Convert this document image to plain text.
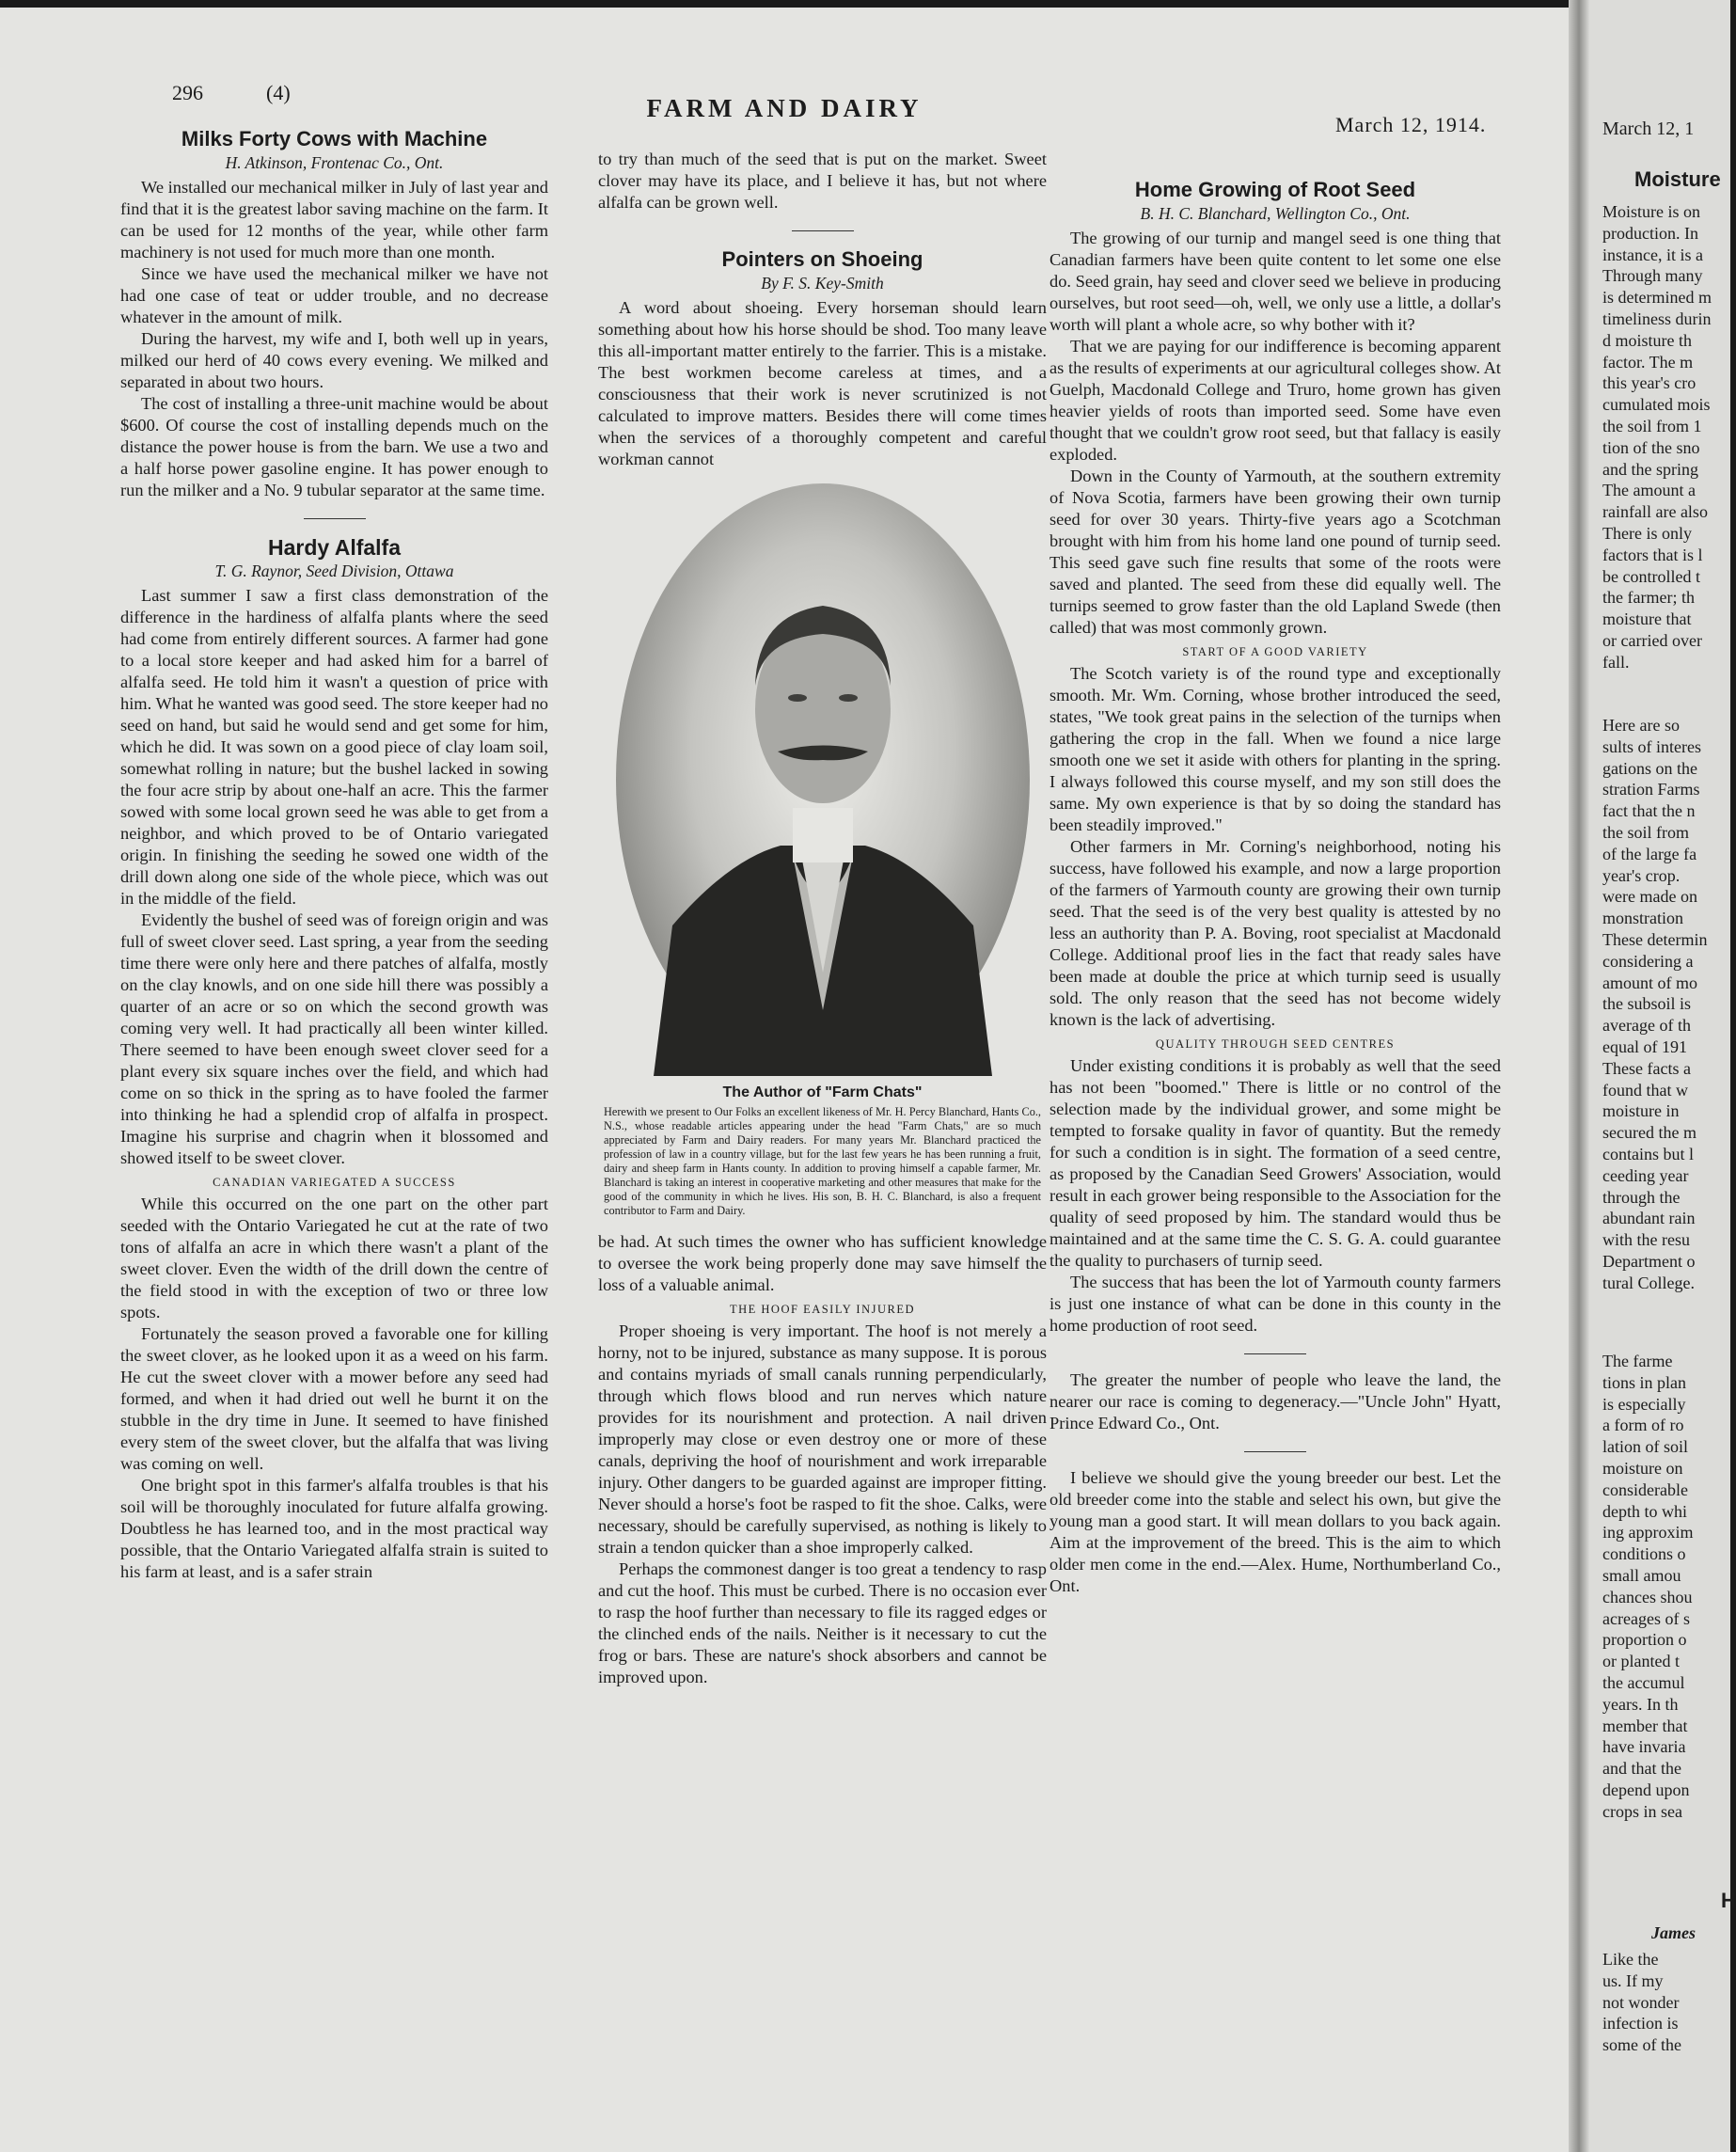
296	(4)
FARM AND DAIRY
March 12, 1914.
Milks Forty Cows with Machine
H. Atkinson, Frontenac Co., Ont.

We installed our mechanical milker in July of last year and find that it is the greatest labor saving machine on the farm. It can be used for 12 months of the year, while other farm machinery is not used for much more than one month.

Since we have used the mechanical milker we have not had one case of teat or udder trouble, and no decrease whatever in the amount of milk.

During the harvest, my wife and I, both well up in years, milked our herd of 40 cows every evening. We milked and separated in about two hours.

The cost of installing a three-unit machine would be about $600. Of course the cost of installing depends much on the distance the power house is from the barn. We use a two and a half horse power gasoline engine. It has power enough to run the milker and a No. 9 tubular separator at the same time.

Hardy Alfalfa
T. G. Raynor, Seed Division, Ottawa

Last summer I saw a first class demonstration of the difference in the hardiness of alfalfa plants where the seed had come from entirely different sources. A farmer had gone to a local store keeper and had asked him for a barrel of alfalfa seed. He told him it wasn't a question of price with him. What he wanted was good seed. The store keeper had no seed on hand, but said he would send and get some for him, which he did. It was sown on a good piece of clay loam soil, somewhat rolling in nature; but the bushel lacked in sowing the four acre strip by about one-half an acre. This the farmer sowed with some local grown seed he was able to get from a neighbor, and which proved to be of Ontario variegated origin. In finishing the seeding he sowed one width of the drill down along one side of the whole piece, which was out in the middle of the field.

Evidently the bushel of seed was of foreign origin and was full of sweet clover seed. Last spring, a year from the seeding time there were only here and there patches of alfalfa, mostly on the clay knowls, and on one side hill there was possibly a quarter of an acre or so on which the second growth was coming very well. It had practically all been winter killed. There seemed to have been enough sweet clover seed for a plant every six square inches over the field, and which had come on so thick in the spring as to have fooled the farmer into thinking he had a splendid crop of alfalfa in prospect. Imagine his surprise and chagrin when it blossomed and showed itself to be sweet clover.

CANADIAN VARIEGATED A SUCCESS

While this occurred on the one part on the other part seeded with the Ontario Variegated he cut at the rate of two tons of alfalfa an acre in which there wasn't a plant of the sweet clover. Even the width of the drill down the centre of the field stood in with the exception of two or three low spots.

Fortunately the season proved a favorable one for killing the sweet clover, as he looked upon it as a weed on his farm. He cut the sweet clover with a mower before any seed had formed, and when it had dried out well he burnt it on the stubble in the dry time in June. It seemed to have finished every stem of the sweet clover, but the alfalfa that was living was coming on well.

One bright spot in this farmer's alfalfa troubles is that his soil will be thoroughly inoculated for future alfalfa growing. Doubtless he has learned too, and in the most practical way possible, that the Ontario Variegated alfalfa strain is suited to his farm at least, and is a safer strain

to try than much of the seed that is put on the market. Sweet clover may have its place, and I believe it has, but not where alfalfa can be grown well.

Pointers on Shoeing
By F. S. Key-Smith

A word about shoeing. Every horseman should learn something about how his horse should be shod. Too many leave this all-important matter entirely to the farrier. This is a mistake. The best workmen become careless at times, and a consciousness that their work is never scrutinized is not calculated to improve matters. Besides there will come times when the services of a thoroughly competent and careful workman cannot

The Author of "Farm Chats"
Herewith we present to Our Folks an excellent likeness of Mr. H. Percy Blanchard, Hants Co., N.S., whose readable articles appearing under the head "Farm Chats," are so much appreciated by Farm and Dairy readers. For many years Mr. Blanchard practiced the profession of law in a country village, but for the last few years he has been running a fruit, dairy and sheep farm in Hants county. In addition to proving himself a capable farmer, Mr. Blanchard is taking an interest in cooperative marketing and other measures that make for the good of the community in which he lives. His son, B. H. C. Blanchard, is also a frequent contributor to Farm and Dairy.

be had. At such times the owner who has sufficient knowledge to oversee the work being properly done may save himself the loss of a valuable animal.

THE HOOF EASILY INJURED

Proper shoeing is very important. The hoof is not merely a horny, not to be injured, substance as many suppose. It is porous and contains myriads of small canals running perpendicularly, through which flows blood and run nerves which nature provides for its nourishment and protection. A nail driven improperly may close or even destroy one or more of these canals, depriving the hoof of nourishment and work irreparable injury. Other dangers to be guarded against are improper fitting. Never should a horse's foot be rasped to fit the shoe. Calks, were necessary, should be carefully supervised, as nothing is likely to strain a tendon quicker than a shoe improperly calked.

Perhaps the commonest danger is too great a tendency to rasp and cut the hoof. This must be curbed. There is no occasion ever to rasp the hoof further than necessary to file its ragged edges or the clinched ends of the nails. Neither is it necessary to cut the frog or bars. These are nature's shock absorbers and cannot be improved upon.

Home Growing of Root Seed
B. H. C. Blanchard, Wellington Co., Ont.

The growing of our turnip and mangel seed is one thing that Canadian farmers have been quite content to let some one else do. Seed grain, hay seed and clover seed we believe in producing ourselves, but root seed—oh, well, we only use a little, a dollar's worth will plant a whole acre, so why bother with it?

That we are paying for our indifference is becoming apparent as the results of experiments at our agricultural colleges show. At Guelph, Macdonald College and Truro, home grown has given heavier yields of roots than imported seed. Some have even thought that we couldn't grow root seed, but that fallacy is easily exploded.

Down in the County of Yarmouth, at the southern extremity of Nova Scotia, farmers have been growing their own turnip seed for over 30 years. Thirty-five years ago a Scotchman brought with him from his home land one pound of turnip seed. This seed gave such fine results that some of the roots were saved and planted. The seed from these did equally well. The turnips seemed to grow faster than the old Lapland Swede (then called) that was most commonly grown.

START OF A GOOD VARIETY

The Scotch variety is of the round type and exceptionally smooth. Mr. Wm. Corning, whose brother introduced the seed, states, "We took great pains in the selection of the turnips when gathering the crop in the fall. When we found a nice large smooth one we set it aside with others for planting in the spring. I always followed this course myself, and my son still does the same. My own experience is that by so doing the standard has been steadily improved."

Other farmers in Mr. Corning's neighborhood, noting his success, have followed his example, and now a large proportion of the farmers of Yarmouth county are growing their own turnip seed. That the seed is of the very best quality is attested by no less an authority than P. A. Boving, root specialist at Macdonald College. Additional proof lies in the fact that ready sales have been made at double the price at which turnip seed is usually sold. The only reason that the seed has not become widely known is the lack of advertising.

QUALITY THROUGH SEED CENTRES

Under existing conditions it is probably as well that the seed has not been "boomed." There is little or no control of the selection made by the individual grower, and some might be tempted to forsake quality in favor of quantity. But the remedy for such a condition is in sight. The formation of a seed centre, as proposed by the Canadian Seed Growers' Association, would result in each grower being responsible to the Association for the quality of seed proposed by him. The standard would thus be maintained and at the same time the C. S. G. A. could guarantee the quality to purchasers of turnip seed.

The success that has been the lot of Yarmouth county farmers is just one instance of what can be done in this county in the home production of root seed.

The greater the number of people who leave the land, the nearer our race is coming to degeneracy.—"Uncle John" Hyatt, Prince Edward Co., Ont.

I believe we should give the young breeder our best. Let the old breeder come into the stable and select his own, but give the young man a good start. It will mean dollars to you back again. Aim at the improvement of the breed. This is the aim to which older men come in the end.—Alex. Hume, Northumberland Co., Ont.

March 12, 1
Moisture
Moisture is on
production. In
instance, it is a
Through many
is determined m
timeliness durin
d moisture th
factor. The m
this year's cro
cumulated mois
the soil from 1
tion of the sno
and the spring
The amount a
rainfall are also
There is only
factors that is l
be controlled t
the farmer; th
moisture that
or carried over
fall.
Here are so
sults of interes
gations on the
stration Farms
fact that the n
the soil from
of the large fa
year's crop.
were made on
monstration
These determin
considering a
amount of mo
the subsoil is
average of th
equal of 191
These facts a
found that w
moisture in
secured the m
contains but l
ceeding year
through the
abundant rain
with the resu
Department o
tural College.
The farme
tions in plan
is especially
a form of ro
lation of soil
moisture on
considerable
depth to whi
ing approxim
conditions o
small amou
chances shou
acreages of s
proportion o
or planted t
the accumul
years. In th
member that
have invaria
and that the
depend upon
crops in sea
H
James
Like the
us. If my
not wonder
infection is
some of the
